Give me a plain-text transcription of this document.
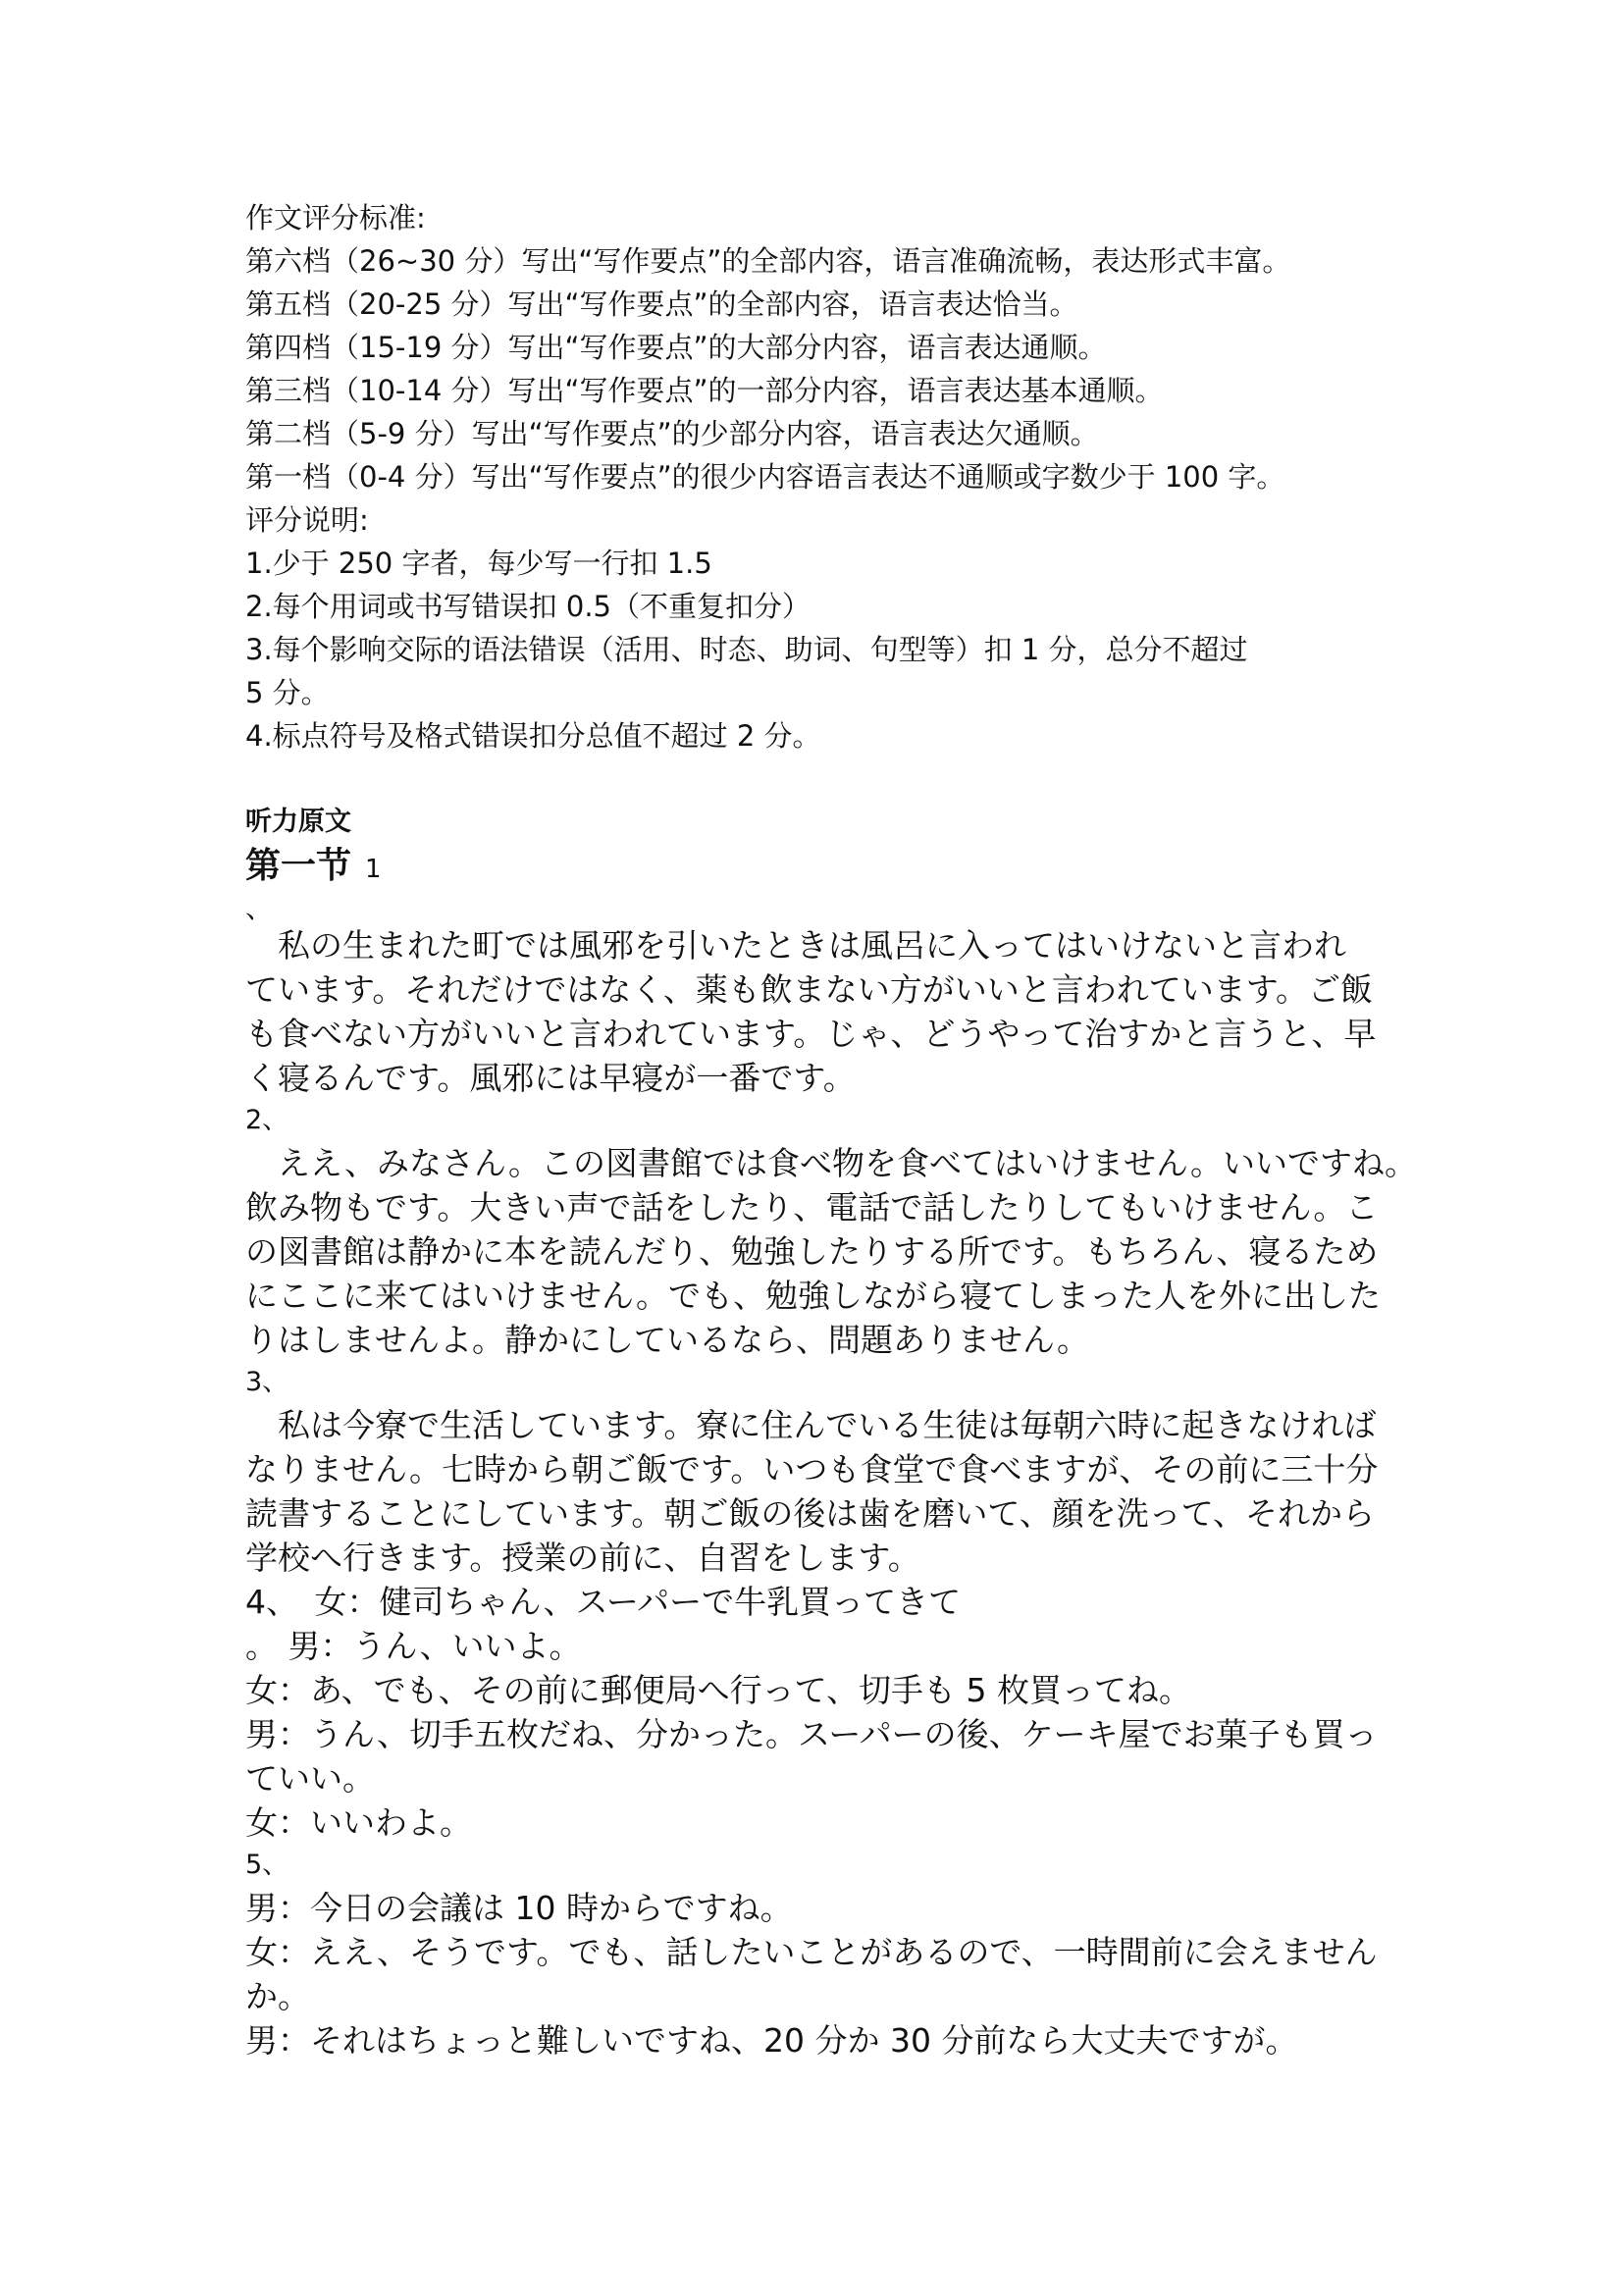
作文评分标准:
第六档（26~30 分）写出“写作要点”的全部内容，语言准确流畅，表达形式丰富。
第五档（20-25 分）写出“写作要点”的全部内容，语言表达恰当。
第四档（15-19 分）写出“写作要点”的大部分内容，语言表达通顺。
第三档（10-14 分）写出“写作要点”的一部分内容，语言表达基本通顺。
第二档（5-9 分）写出“写作要点”的少部分内容，语言表达欠通顺。
第一档（0-4 分）写出“写作要点”的很少内容语言表达不通顺或字数少于 100 字。
评分说明:
1.少于 250 字者，每少写一行扣 1.5
2.每个用词或书写错误扣 0.5（不重复扣分）
3.每个影响交际的语法错误（活用、时态、助词、句型等）扣 1 分，总分不超过
5 分。
4.标点符号及格式错误扣分总值不超过 2 分。
听力原文
第一节 1
、
私の生まれた町では風邪を引いたときは風呂に入ってはいけないと言われ
ています。それだけではなく、薬も飲まない方がいいと言われています。ご飯
も食べない方がいいと言われています。じゃ、どうやって治すかと言うと、早
く寝るんです。風邪には早寝が一番です。
2、
ええ、みなさん。この図書館では食べ物を食べてはいけません。いいですね。
飲み物もです。大きい声で話をしたり、電話で話したりしてもいけません。こ
の図書館は静かに本を読んだり、勉強したりする所です。もちろん、寝るため
にここに来てはいけません。でも、勉強しながら寝てしまった人を外に出した
りはしませんよ。静かにしているなら、問題ありません。
3、
私は今寮で生活しています。寮に住んでいる生徒は毎朝六時に起きなければ
なりません。七時から朝ご飯です。いつも食堂で食べますが、その前に三十分
読書することにしています。朝ご飯の後は歯を磨いて、顔を洗って、それから
学校へ行きます。授業の前に、自習をします。
4、　女：健司ちゃん、スーパーで牛乳買ってきて
。 男：うん、いいよ。
女：あ、でも、その前に郵便局へ行って、切手も 5 枚買ってね。
男：うん、切手五枚だね、分かった。スーパーの後、ケーキ屋でお菓子も買っ
ていい。
女：いいわよ。
5、
男：今日の会議は 10 時からですね。
女：ええ、そうです。でも、話したいことがあるので、一時間前に会えません
か。
男：それはちょっと難しいですね、20 分か 30 分前なら大丈夫ですが。
